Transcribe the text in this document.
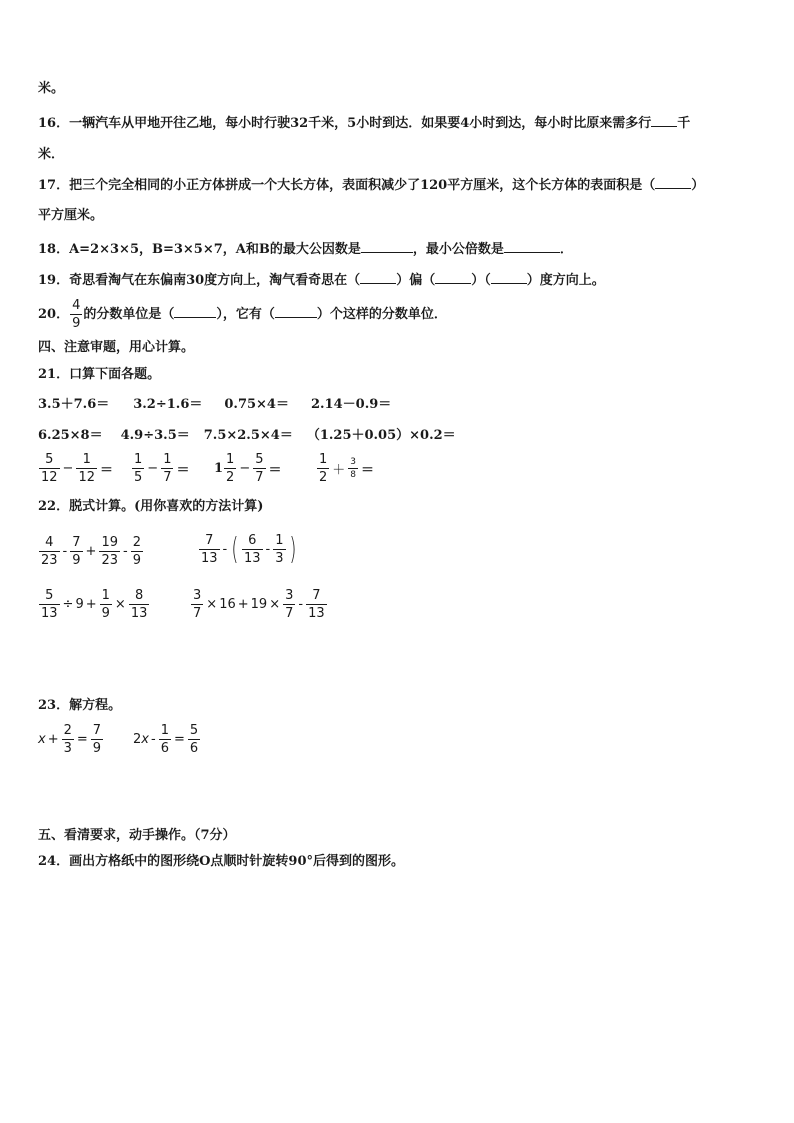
米。
16．一辆汽车从甲地开往乙地，每小时行驶32千米，5小时到达．如果要4小时到达，每小时比原来需多行 千
米．
17．把三个完全相同的小正方体拼成一个大长方体，表面积减少了120平方厘米，这个长方体的表面积是（	）
平方厘米。
18．A=2×3×5，B=3×5×7，A和B的最大公因数是	，最小公倍数是	．
19．奇思看淘气在东偏南30度方向上，淘气看奇思在（	）偏（	）（	）度方向上。
20． $\frac{4}{9}$ 的分数单位是（	），它有（	）个这样的分数单位．
四、注意审题，用心计算。
21．口算下面各题。
3.5＋7.6＝ 3.2÷1.6＝ 0.75×4＝ 2.14－0.9＝
6.25×8＝ 4.9÷3.5＝ 7.5×2.5×4＝ （1.25＋0.05）×0.2＝
$\frac{5}{12} - \frac{1}{12} = \frac{1}{5} - \frac{1}{7} = 1 \frac{1}{2} - \frac{5}{7}$ ＝	$\frac{1}{2} + \frac{3}{8}$ ＝
22．脱式计算。(用你喜欢的方法计算)
$\frac{4}{23} - \frac{7}{9} + \frac{19}{23} - \frac{2}{9}$	$\frac{7}{13}$ - ( $\frac{6}{13} - \frac{1}{3}$ )
$\frac{5}{13} \div 9 + \frac{1}{9} \times \frac{8}{13}$	$\frac{3}{7} \times 16 + 19 \times \frac{3}{7} - \frac{7}{13}$
23．解方程。
$x + \frac{2}{3} = \frac{7}{9} 2$ $x - \frac{1}{6} = \frac{5}{6}$
五、看清要求，动手操作。（7分）
24．画出方格纸中的图形绕O点顺时针旋转90°后得到的图形。
